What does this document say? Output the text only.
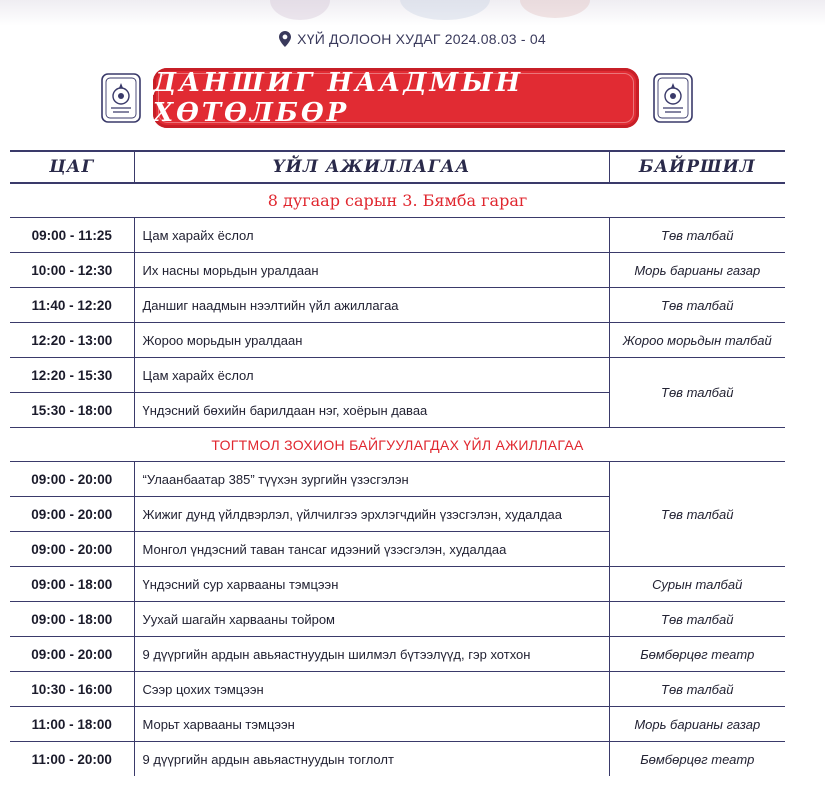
ХҮЙ ДОЛООН ХУДАГ 2024.08.03 - 04
ДАНШИГ НААДМЫН ХӨТӨЛБӨР
ЦАГ	ҮЙЛ АЖИЛЛАГАА	БАЙРШИЛ
8 дугаар сарын 3. Бямба гараг		
09:00 - 11:25	Цам харайх ёслол	Төв талбай
10:00 - 12:30	Их насны морьдын уралдаан	Морь барианы газар
11:40 - 12:20	Даншиг наадмын нээлтийн үйл ажиллагаа	Төв талбай
12:20 - 13:00	Жороо морьдын уралдаан	Жороо морьдын талбай
12:20 - 15:30	Цам харайх ёслол	Төв талбай
15:30 - 18:00	Үндэсний бөхийн барилдаан нэг, хоёрын даваа	
ТОГТМОЛ ЗОХИОН БАЙГУУЛАГДАХ ҮЙЛ АЖИЛЛАГАА		
09:00 - 20:00	“Улаанбаатар 385” түүхэн зургийн үзэсгэлэн	Төв талбай
09:00 - 20:00	Жижиг дунд үйлдвэрлэл, үйлчилгээ эрхлэгчдийн үзэсгэлэн, худалдаа	
09:00 - 20:00	Монгол үндэсний таван тансаг идээний үзэсгэлэн, худалдаа	
09:00 - 18:00	Үндэсний сур харвааны тэмцээн	Сурын талбай
09:00 - 18:00	Уухай шагайн харвааны тойром	Төв талбай
09:00 - 20:00	9 дүүргийн ардын авьяастнуудын шилмэл бүтээлүүд, гэр хотхон	Бөмбөрцөг театр
10:30 - 16:00	Сээр цохих тэмцээн	Төв талбай
11:00 - 18:00	Морьт харвааны тэмцээн	Морь барианы газар
11:00 - 20:00	9 дүүргийн ардын авьяастнуудын тоглолт	Бөмбөрцөг театр
